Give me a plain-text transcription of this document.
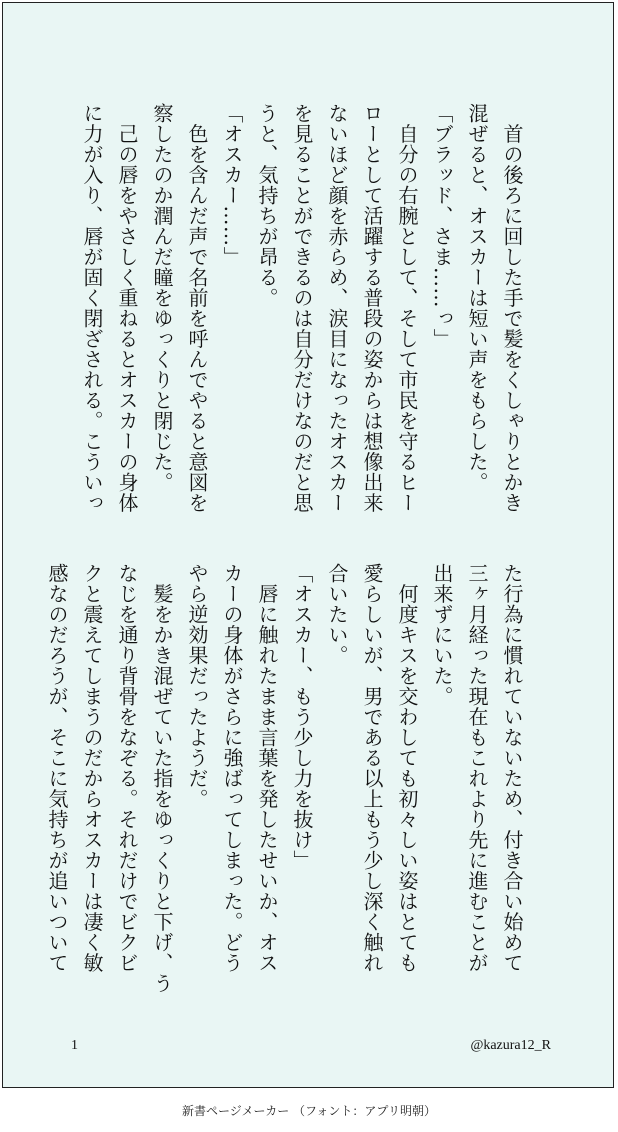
　首の後ろに回した手で髪をくしゃりとかき
混ぜると、オスカーは短い声をもらした。
「ブラッド、さま……っ」
　自分の右腕として、そして市民を守るヒー
ローとして活躍する普段の姿からは想像出来
ないほど顔を赤らめ、涙目になったオスカー
を見ることができるのは自分だけなのだと思
うと、気持ちが昂る。
「オスカー……」
　色を含んだ声で名前を呼んでやると意図を
察したのか潤んだ瞳をゆっくりと閉じた。
　己の唇をやさしく重ねるとオスカーの身体
に力が入り、唇が固く閉ざされる。こういっ
た行為に慣れていないため、付き合い始めて
三ヶ月経った現在もこれより先に進むことが
出来ずにいた。
　何度キスを交わしても初々しい姿はとても
愛らしいが、男である以上もう少し深く触れ
合いたい。
「オスカー、もう少し力を抜け」
　唇に触れたまま言葉を発したせいか、オス
カーの身体がさらに強ばってしまった。どう
やら逆効果だったようだ。
　髪をかき混ぜていた指をゆっくりと下げ、う
なじを通り背骨をなぞる。それだけでビクビ
クと震えてしまうのだからオスカーは凄く敏
感なのだろうが、そこに気持ちが追いついて
1	@kazura12_R
新書ページメーカー （フォント：アプリ明朝）
